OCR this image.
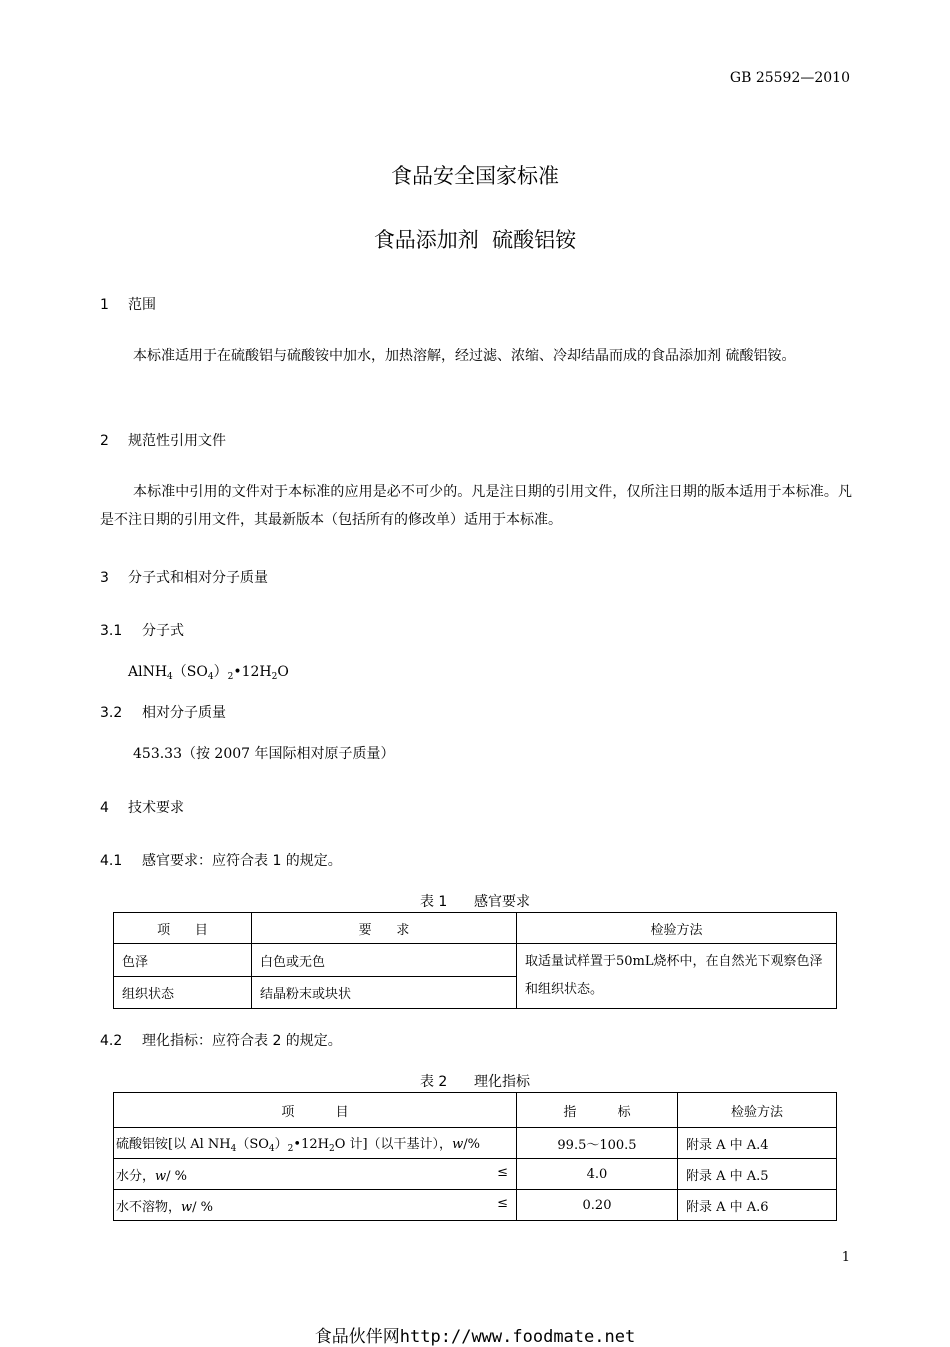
GB 25592—2010
食品安全国家标准
食品添加剂  硫酸铝铵
1 范围
本标准适用于在硫酸铝与硫酸铵中加水，加热溶解，经过滤、浓缩、冷却结晶而成的食品添加剂 硫酸铝铵。
2 规范性引用文件
本标准中引用的文件对于本标准的应用是必不可少的。凡是注日期的引用文件，仅所注日期的版本适用于本标准。凡是不注日期的引用文件，其最新版本（包括所有的修改单）适用于本标准。
3 分子式和相对分子质量
3.1 分子式
$AlNH_4(SO_4)_2•12H_2O$
3.2 相对分子质量
453.33（按 2007 年国际相对原子质量）
4 技术要求
4.1 感官要求：应符合表 1 的规定。
表 1      感官要求
项      目	要      求	检验方法
色泽	白色或无色	取适量试样置于50mL烧杯中，在自然光下观察色泽和组织状态。
组织状态	结晶粉末或块状	
4.2 理化指标：应符合表 2 的规定。
表 2      理化指标
项          目	指          标	检验方法
硫酸铝铵[以 Al $NH_4(SO_4)_2•12H_2O$ 计]（以干基计），w/%	99.5～100.5	附录 A 中 A.4
水分，w/ % ≤	4.0	附录 A 中 A.5
水不溶物，w/ % ≤	0.20	附录 A 中 A.6
1
食品伙伴网http://www.foodmate.net
